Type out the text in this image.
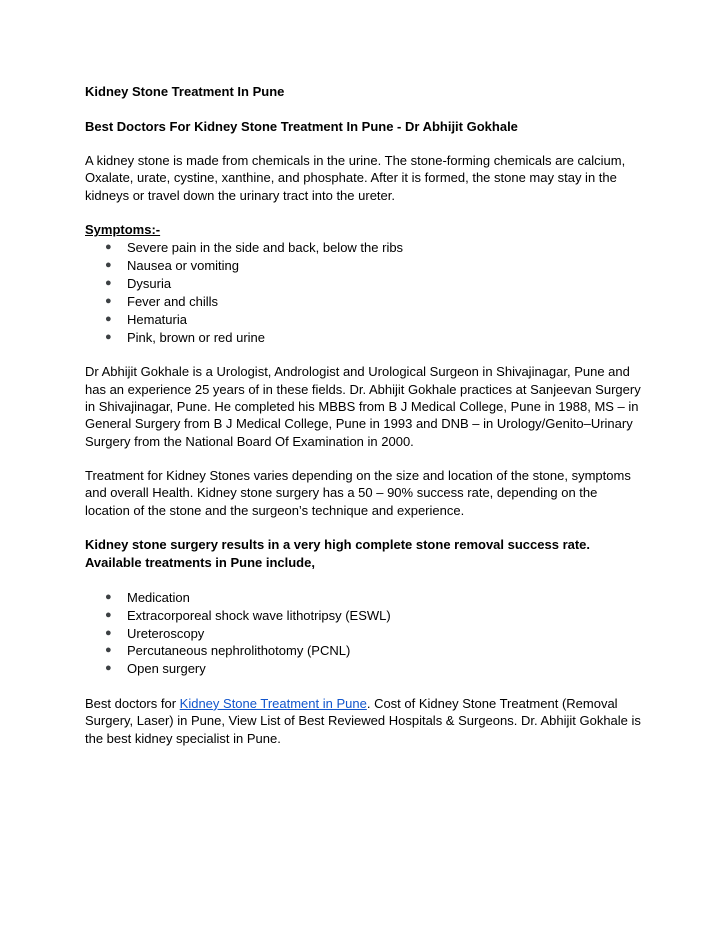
Kidney Stone Treatment In Pune

Best Doctors For Kidney Stone Treatment In Pune - Dr Abhijit Gokhale

A kidney stone is made from chemicals in the urine. The stone-forming chemicals are calcium, Oxalate, urate, cystine, xanthine, and phosphate. After it is formed, the stone may stay in the kidneys or travel down the urinary tract into the ureter.

Symptoms:-

● Severe pain in the side and back, below the ribs
● Nausea or vomiting
● Dysuria
● Fever and chills
● Hematuria
● Pink, brown or red urine

Dr Abhijit Gokhale is a Urologist, Andrologist and Urological Surgeon in Shivajinagar, Pune and has an experience 25 years of in these fields. Dr. Abhijit Gokhale practices at Sanjeevan Surgery in Shivajinagar, Pune. He completed his MBBS from B J Medical College, Pune in 1988, MS – in General Surgery from B J Medical College, Pune in 1993 and DNB – in Urology/Genito–Urinary Surgery from the National Board Of Examination in 2000.

Treatment for Kidney Stones varies depending on the size and location of the stone, symptoms and overall Health. Kidney stone surgery has a 50 – 90% success rate, depending on the location of the stone and the surgeon’s technique and experience.

Kidney stone surgery results in a very high complete stone removal success rate. Available treatments in Pune include,

● Medication
● Extracorporeal shock wave lithotripsy (ESWL)
● Ureteroscopy
● Percutaneous nephrolithotomy (PCNL)
● Open surgery

Best doctors for Kidney Stone Treatment in Pune. Cost of Kidney Stone Treatment (Removal Surgery, Laser) in Pune, View List of Best Reviewed Hospitals & Surgeons. Dr. Abhijit Gokhale is the best kidney specialist in Pune.
